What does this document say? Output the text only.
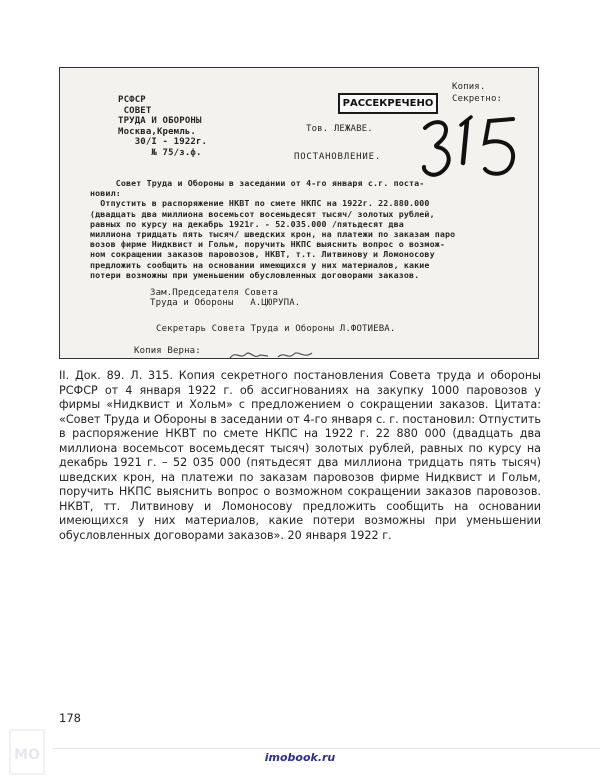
РСФСР
СОВЕТ
ТРУДА И ОБОРОНЫ
Москва,Кремль.
30/I - 1922г.
№ 75/з.ф.
Копия.
Секретно:
РАССЕКРЕЧЕНО
Тов. ЛЕЖАВЕ.
ПОСТАНОВЛЕНИЕ.
Совет Труда и Обороны в заседании от 4-го января с.г. поста-
новил:
Отпустить в распоряжение НКВТ по смете НКПС на 1922г. 22.880.000
(двадцать два миллиона восемьсот восемьдесят тысяч/ золотых рублей,
равных по курсу на декабрь 1921г. - 52.035.000 /пятьдесят два
миллиона тридцать пять тысяч/ шведских крон, на платежи по заказам паро
возов фирме Нидквист и Гольм, поручить НКПС выяснить вопрос о возмож-
ном сокращении заказов паровозов, НКВТ, т.т. Литвинову и Ломоносову
предложить сообщить на основании имеющихся у них материалов, какие
потери возможны при уменьшении обусловленных договорами заказов.
Зам.Председателя Совета
Труда и Обороны   А.ЦЮРУПА.
Секретарь Совета Труда и Обороны Л.ФОТИЕВА.
Копия Верна:

II. Док. 89. Л. 315. Копия секретного постановления Совета труда и обороны РСФСР от 4 января 1922 г. об ассигнованиях на закупку 1000 паровозов у фирмы «Нидквист и Хольм» с предложением о сокращении заказов. Цитата: «Совет Труда и Обороны в заседании от 4-го января с. г. постановил: Отпустить в распоряжение НКВТ по смете НКПС на 1922 г. 22 880 000 (двадцать два миллиона восемьсот восемьдесят тысяч) золотых рублей, равных по курсу на декабрь 1921 г. – 52 035 000 (пятьдесят два миллиона тридцать пять тысяч) шведских крон, на платежи по заказам паровозов фирме Нидквист и Гольм, поручить НКПС выяснить вопрос о возможном сокращении заказов паровозов. НКВТ, тт. Литвинову и Ломоносову предложить сообщить на основании имеющихся у них материалов, какие потери возможны при уменьшении обусловленных договорами заказов». 20 января 1922 г.

178
МО	imobook.ru
